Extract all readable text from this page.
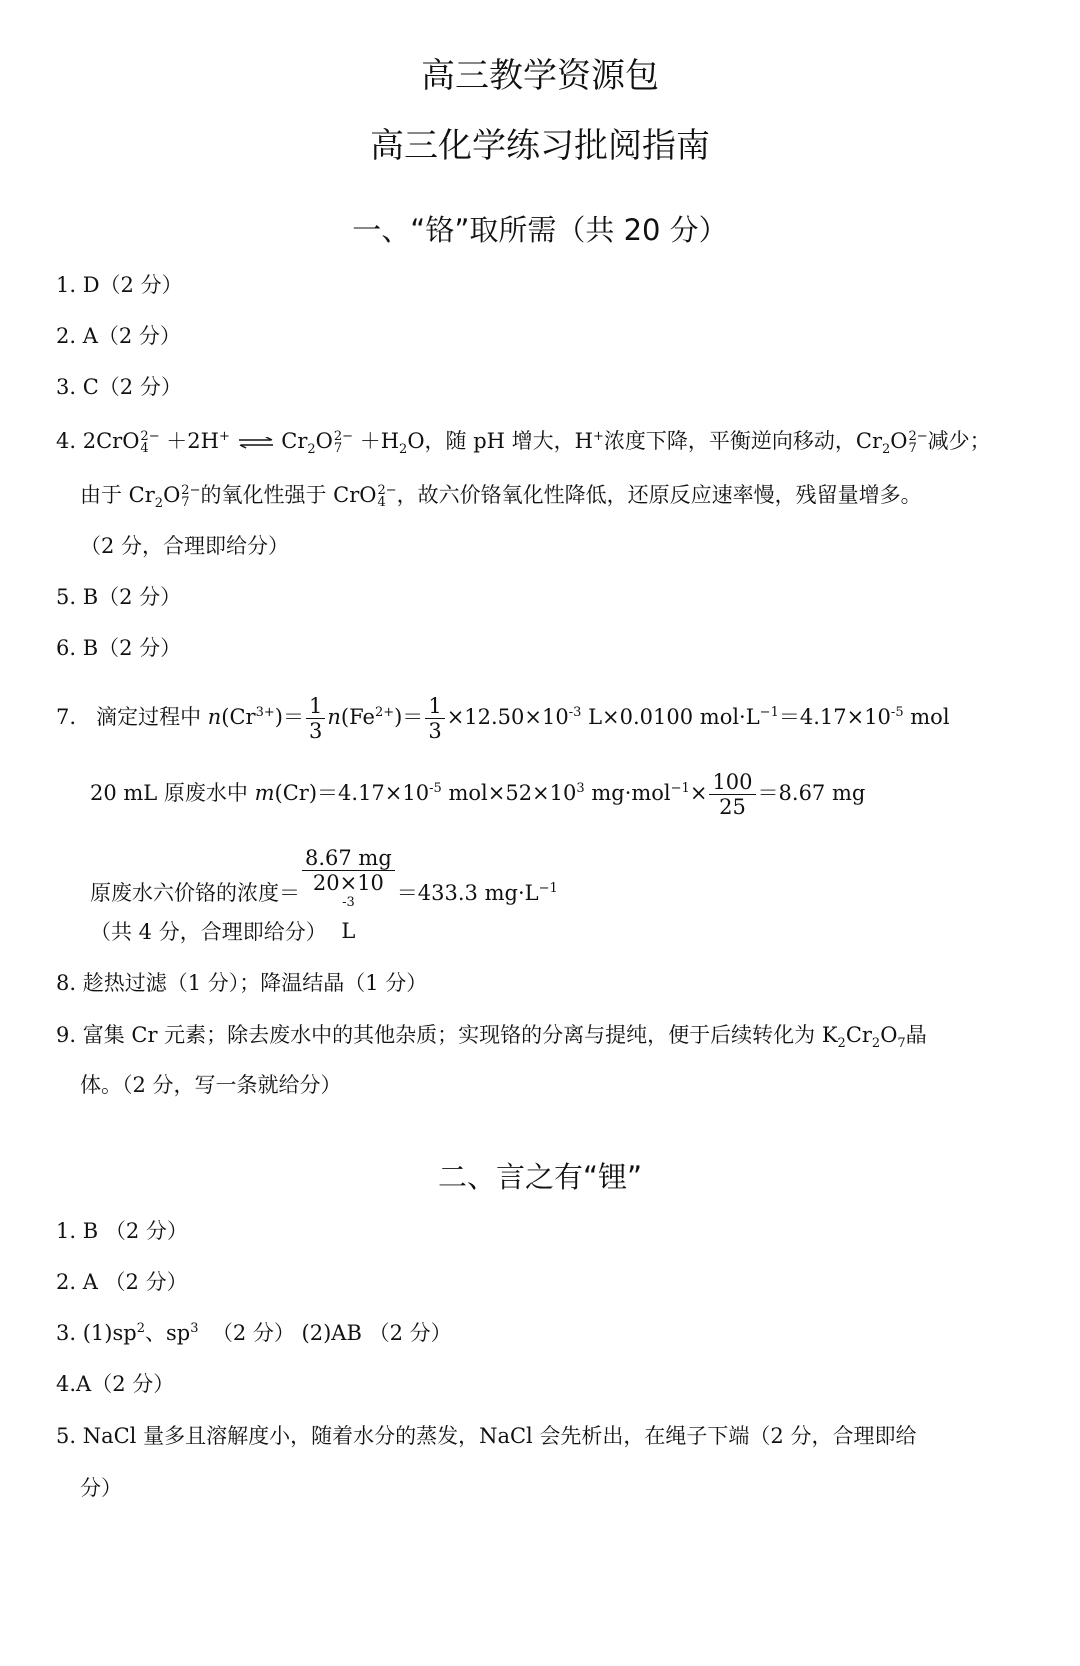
高三教学资源包
高三化学练习批阅指南
一、“铬”取所需（共 20 分）
1. D（2 分）
2. A（2 分）
3. C（2 分）
4. 2CrO 2−
4 ＋2H+ ⇌ $Cr_2O$ 2−
$7 +H_2O$，随 pH 增大，H+浓度下降，平衡逆向移动，$Cr_2O$ 2−
7 减少；
由于 $Cr_2O$ 2−
7 的氧化性强于 CrO 2−
4 ，故六价铬氧化性降低，还原反应速率慢，残留量增多。
（2 分，合理即给分）
5. B（2 分）
6. B（2 分）
7. 滴定过程中 $n(Cr^{3+})= \frac{1}{3} n(Fe^{2+})= \frac{1}{3} \times 12.50\times 10^{-3}$ L×0.0100 $mol\cdot L^{-1}=4.17\times 10^{-5}$ mol
20 mL 原废水中 $m(Cr)=4.17\times 10^{-5}$ $mol\times 52\times 10^3$ $mg\cdot mol^{-1}\times \frac{100}{25} =8.67$ mg
原废水六价铬的浓度＝ 8.67 mg
20×10
$^{-3}$
L ＝433.3 $mg\cdot L^{-1}$
（共 4 分，合理即给分）
8. 趁热过滤（1 分）；降温结晶（1 分）
9. 富集 Cr 元素；除去废水中的其他杂质；实现铬的分离与提纯，便于后续转化为 $K_2Cr_2O_7$晶
体。（2 分，写一条就给分）
二、言之有“锂”
1. B （2 分）
2. A （2 分）
3. $(1)sp^2$、$sp^3$  （2 分） (2)AB （2 分）
4.A（2 分）
5. NaCl 量多且溶解度小，随着水分的蒸发，NaCl 会先析出，在绳子下端（2 分，合理即给
分）
